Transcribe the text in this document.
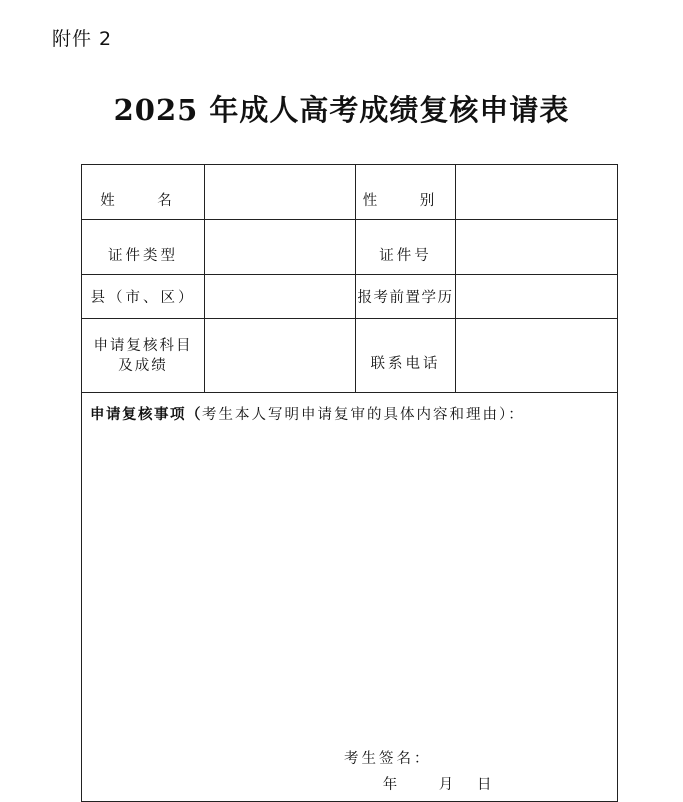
附件 2
2025 年成人高考成绩复核申请表
姓　名		性　别	
证件类型		证件号	
县（市、区）		报考前置学历	

申请复核科目
及成绩		联系电话	

申请复核事项（考生本人写明申请复审的具体内容和理由）：
考生签名：
年 月 日			
